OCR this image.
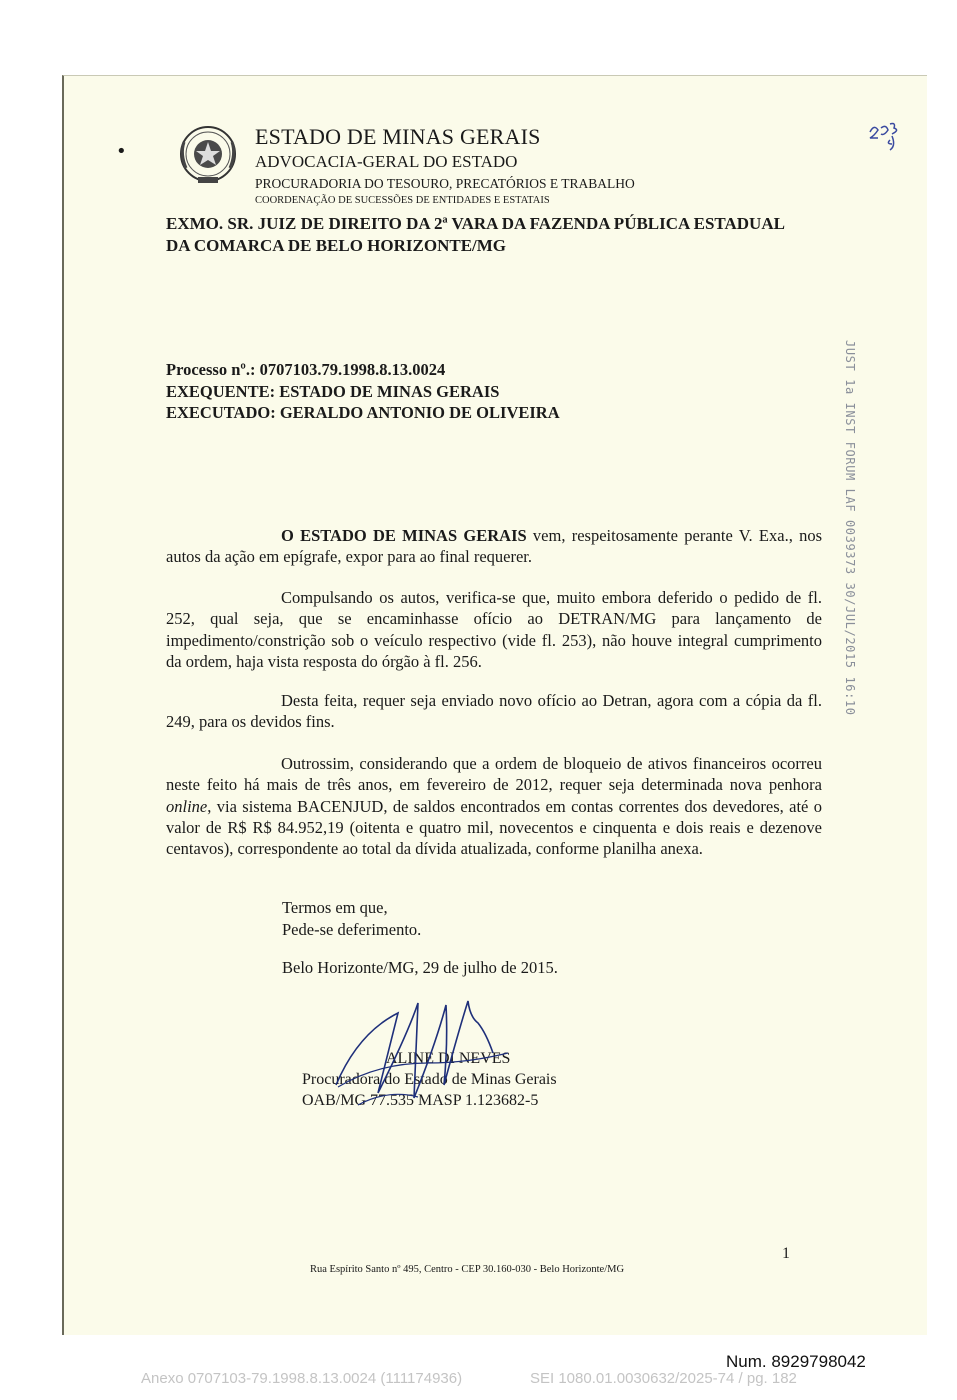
•
ESTADO DE MINAS GERAIS
ADVOCACIA-GERAL DO ESTADO
PROCURADORIA DO TESOURO, PRECATÓRIOS E TRABALHO
COORDENAÇÃO DE SUCESSÕES DE ENTIDADES E ESTATAIS
EXMO. SR. JUIZ DE DIREITO DA 2ª VARA DA FAZENDA PÚBLICA ESTADUAL
DA COMARCA DE BELO HORIZONTE/MG
Processo nº.: 0707103.79.1998.8.13.0024
EXEQUENTE: ESTADO DE MINAS GERAIS
EXECUTADO: GERALDO ANTONIO DE OLIVEIRA	JUST 1a INST FORUM LAF 0039373 30/JUL/2015 16:10
O ESTADO DE MINAS GERAIS vem, respeitosamente perante V. Exa., nos autos da ação em epígrafe, expor para ao final requerer.
Compulsando os autos, verifica-se que, muito embora deferido o pedido de fl. 252, qual seja, que se encaminhasse ofício ao DETRAN/MG para lançamento de impedimento/constrição sob o veículo respectivo (vide fl. 253), não houve integral cumprimento da ordem, haja vista resposta do órgão à fl. 256.
Desta feita, requer seja enviado novo ofício ao Detran, agora com a cópia da fl. 249, para os devidos fins.
Outrossim, considerando que a ordem de bloqueio de ativos financeiros ocorreu neste feito há mais de três anos, em fevereiro de 2012, requer seja determinada nova penhora online, via sistema BACENJUD, de saldos encontrados em contas correntes dos devedores, até o valor de R$ R$ 84.952,19 (oitenta e quatro mil, novecentos e cinquenta e dois reais e dezenove centavos), correspondente ao total da dívida atualizada, conforme planilha anexa.
Termos em que,
Pede-se deferimento.
Belo Horizonte/MG, 29 de julho de 2015.
ALINE DI NEVES
Procuradora do Estado de Minas Gerais
OAB/MG 77.535 MASP 1.123682-5
1
Rua Espírito Santo nº 495, Centro - CEP 30.160-030 - Belo Horizonte/MG
Num. 8929798042
Anexo 0707103-79.1998.8.13.0024 (111174936)	SEI 1080.01.0030632/2025-74 / pg. 182
